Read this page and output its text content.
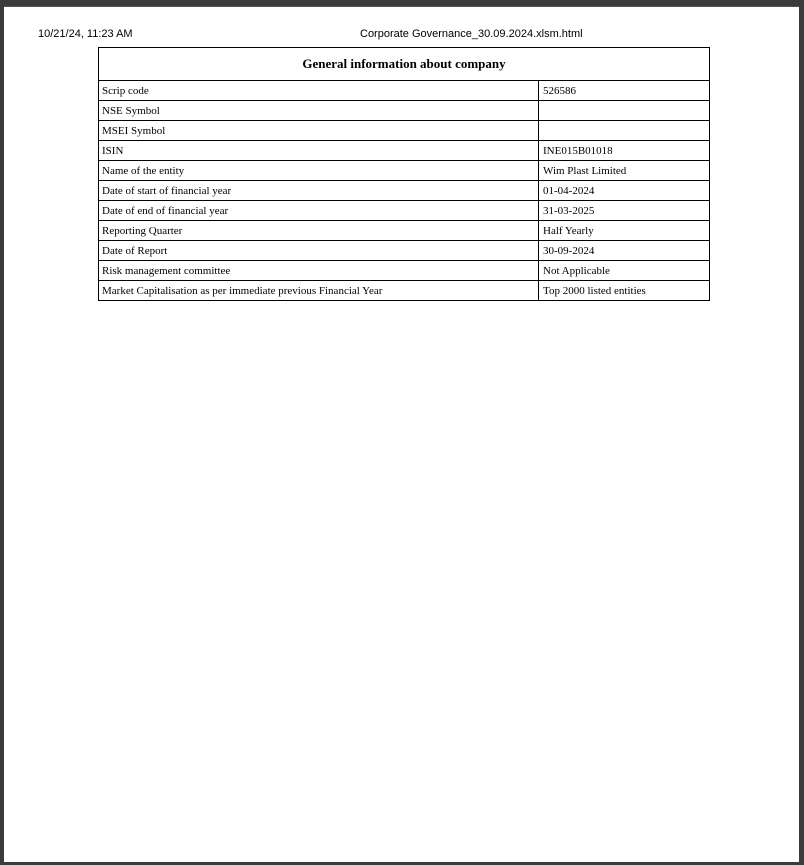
10/21/24, 11:23 AM	Corporate Governance_30.09.2024.xlsm.html
General information about company	
Scrip code	526586
NSE Symbol	
MSEI Symbol	
ISIN	INE015B01018
Name of the entity	Wim Plast Limited
Date of start of financial year	01-04-2024
Date of end of financial year	31-03-2025
Reporting Quarter	Half Yearly
Date of Report	30-09-2024
Risk management committee	Not Applicable
Market Capitalisation as per immediate previous Financial Year	Top 2000 listed entities
